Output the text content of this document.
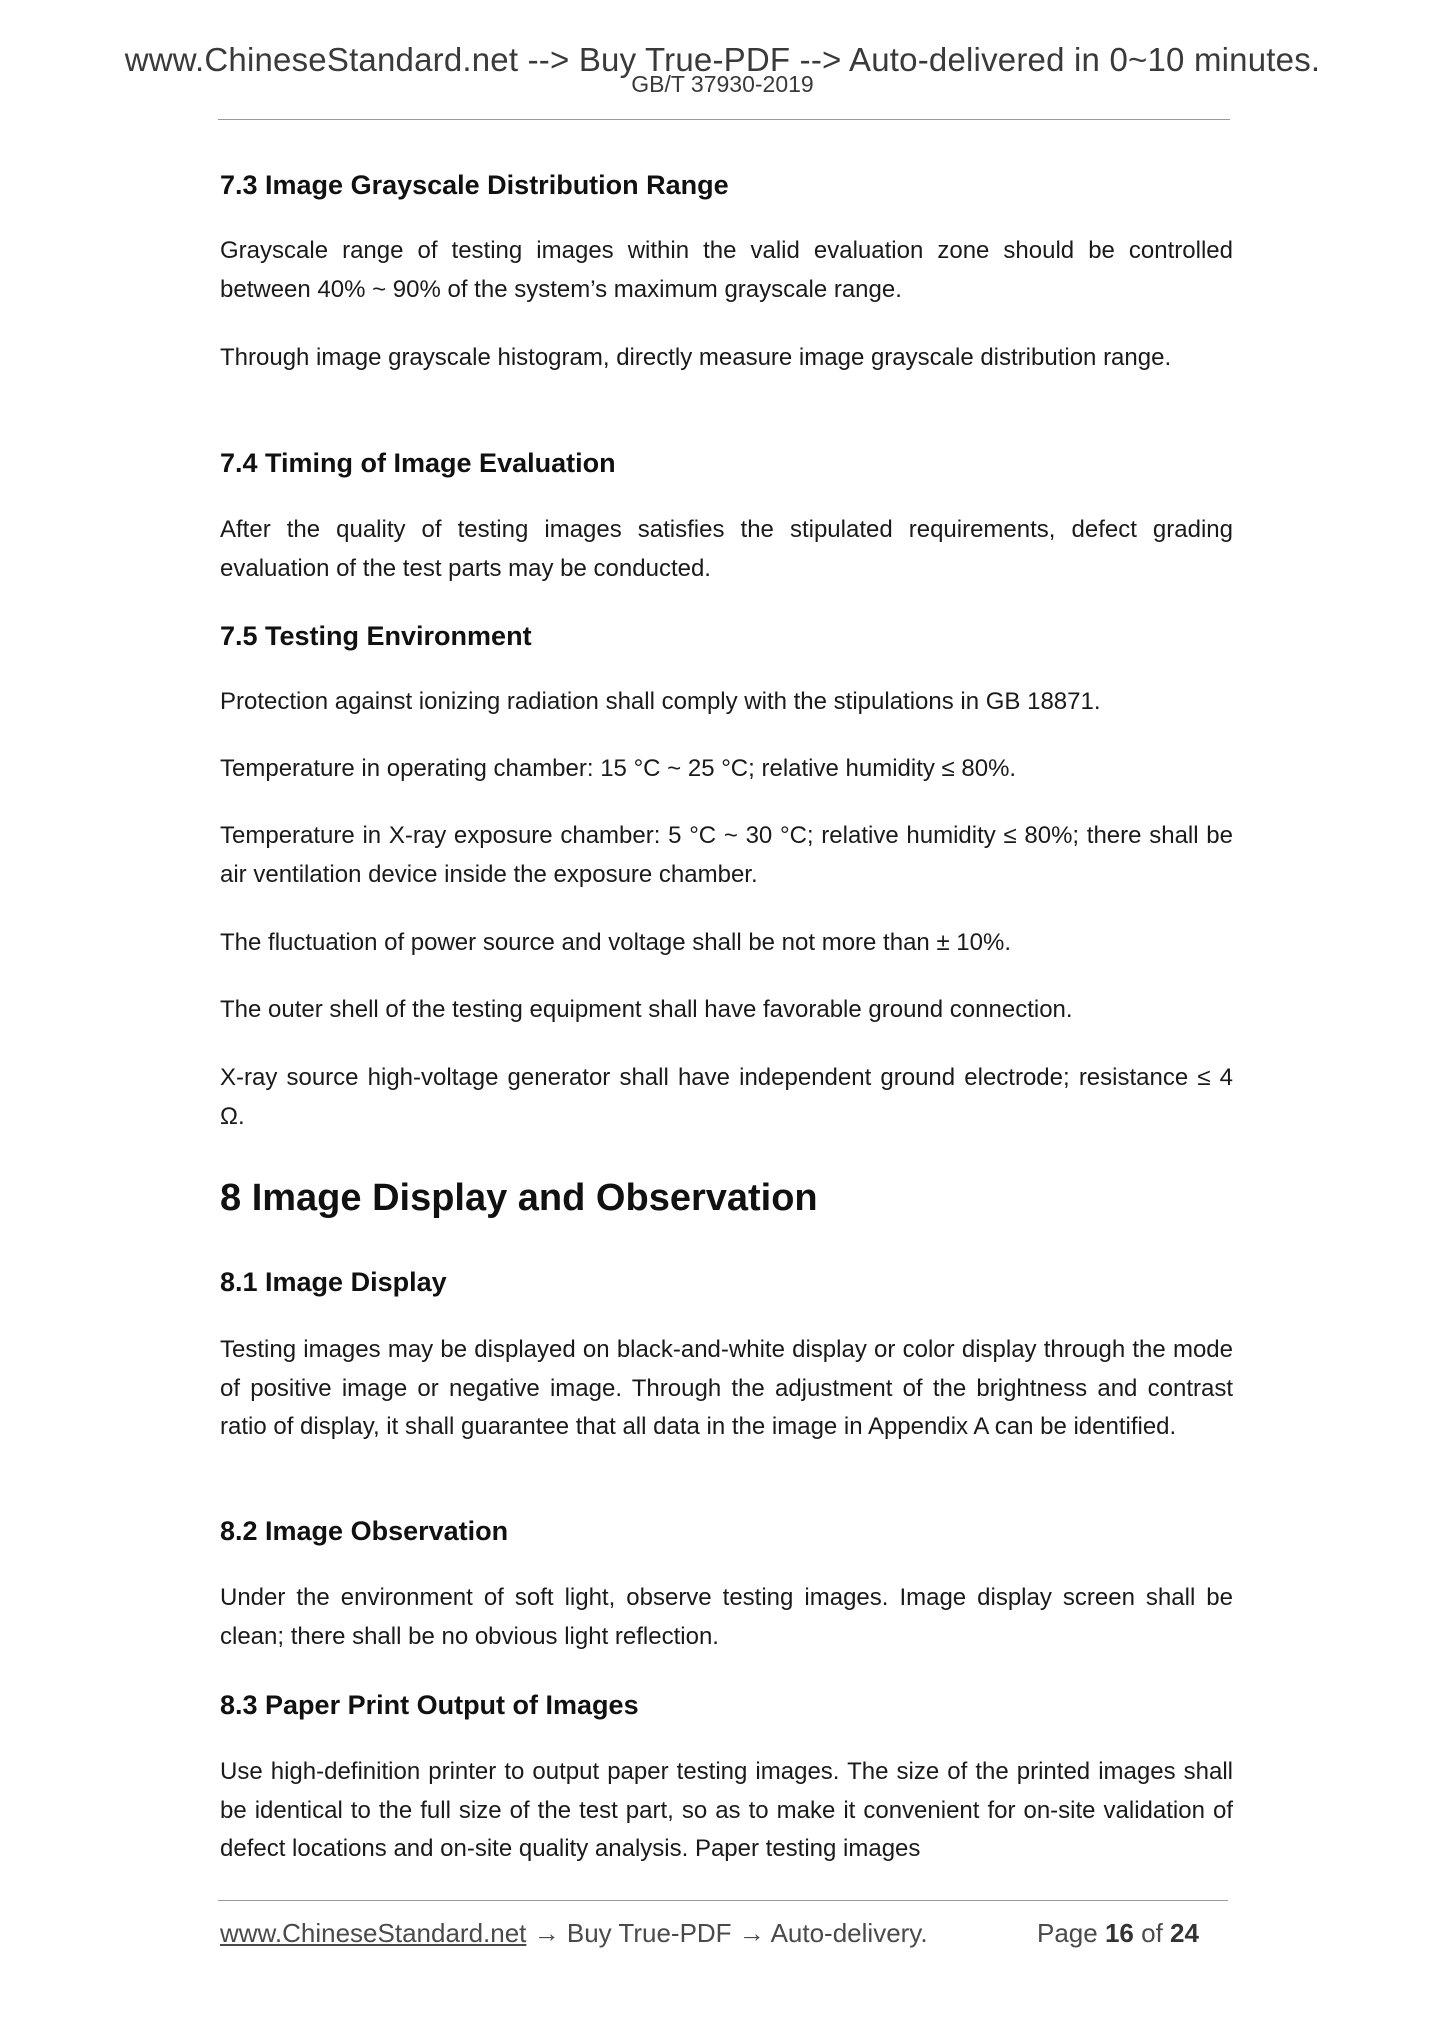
www.ChineseStandard.net --> Buy True-PDF --> Auto-delivered in 0~10 minutes.
GB/T 37930-2019
7.3 Image Grayscale Distribution Range

Grayscale range of testing images within the valid evaluation zone should be controlled between 40% ~ 90% of the system’s maximum grayscale range.

Through image grayscale histogram, directly measure image grayscale distribution range.

7.4 Timing of Image Evaluation

After the quality of testing images satisfies the stipulated requirements, defect grading evaluation of the test parts may be conducted.

7.5 Testing Environment

Protection against ionizing radiation shall comply with the stipulations in GB 18871.

Temperature in operating chamber: 15 °C ~ 25 °C; relative humidity ≤ 80%.

Temperature in X-ray exposure chamber: 5 °C ~ 30 °C; relative humidity ≤ 80%; there shall be air ventilation device inside the exposure chamber.

The fluctuation of power source and voltage shall be not more than ± 10%.

The outer shell of the testing equipment shall have favorable ground connection.

X-ray source high-voltage generator shall have independent ground electrode; resistance ≤ 4 Ω.

8 Image Display and Observation
8.1 Image Display

Testing images may be displayed on black-and-white display or color display through the mode of positive image or negative image. Through the adjustment of the brightness and contrast ratio of display, it shall guarantee that all data in the image in Appendix A can be identified.

8.2 Image Observation

Under the environment of soft light, observe testing images. Image display screen shall be clean; there shall be no obvious light reflection.

8.3 Paper Print Output of Images

Use high-definition printer to output paper testing images. The size of the printed images shall be identical to the full size of the test part, so as to make it convenient for on-site validation of defect locations and on-site quality analysis. Paper testing images

www.ChineseStandard.net → Buy True-PDF → Auto-delivery.	Page 16 of 24
